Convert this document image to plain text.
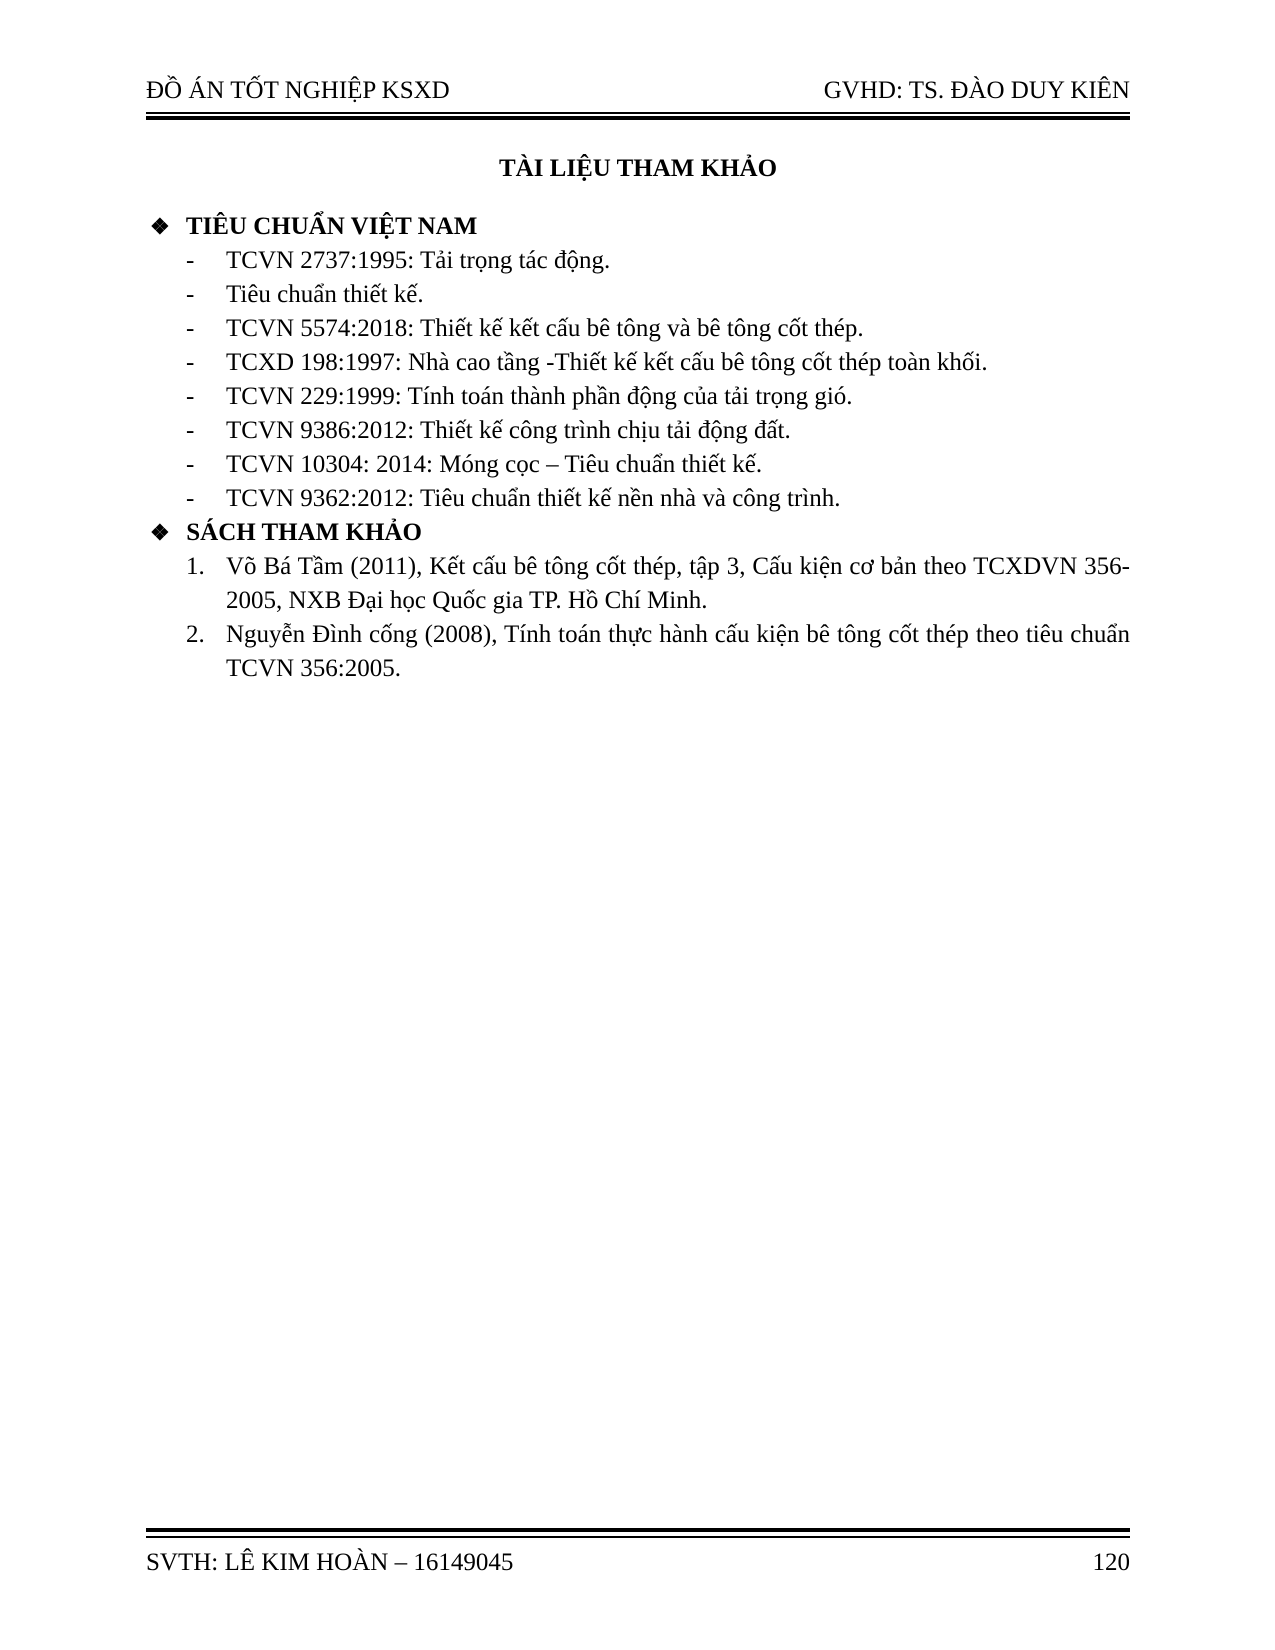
ĐỒ ÁN TỐT NGHIỆP KSXD	GVHD: TS. ĐÀO DUY KIÊN
TÀI LIỆU THAM KHẢO
❖ TIÊU CHUẨN VIỆT NAM
- TCVN 2737:1995: Tải trọng tác động.
- Tiêu chuẩn thiết kế.
- TCVN 5574:2018: Thiết kế kết cấu bê tông và bê tông cốt thép.
- TCXD 198:1997: Nhà cao tầng -Thiết kế kết cấu bê tông cốt thép toàn khối.
- TCVN 229:1999: Tính toán thành phần động của tải trọng gió.
- TCVN 9386:2012: Thiết kế công trình chịu tải động đất.
- TCVN 10304: 2014: Móng cọc – Tiêu chuẩn thiết kế.
- TCVN 9362:2012: Tiêu chuẩn thiết kế nền nhà và công trình.
❖ SÁCH THAM KHẢO
1. Võ Bá Tầm (2011), Kết cấu bê tông cốt thép, tập 3, Cấu kiện cơ bản theo TCXDVN 356-2005, NXB Đại học Quốc gia TP. Hồ Chí Minh.
2. Nguyễn Đình cống (2008), Tính toán thực hành cấu kiện bê tông cốt thép theo tiêu chuẩn TCVN 356:2005.
SVTH: LÊ KIM HOÀN – 16149045	120
